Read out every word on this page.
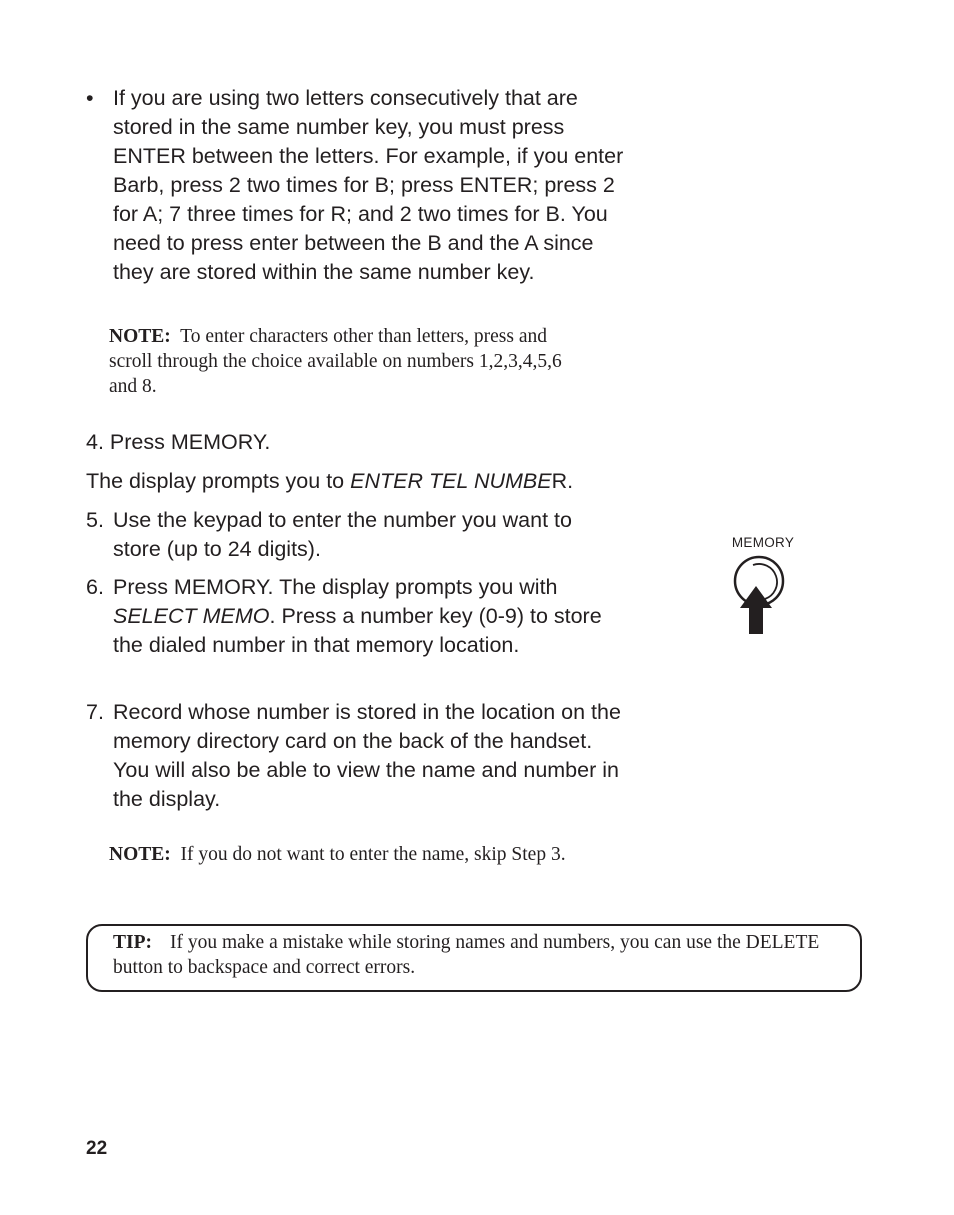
• If you are using two letters consecutively that are stored in the same number key, you must press ENTER between the letters. For example, if you enter Barb, press 2 two times for B; press ENTER; press 2 for A; 7 three times for R; and 2 two times for B. You need to press enter between the B and the A since they are stored within the same number key.
NOTE: To enter characters other than letters, press and scroll through the choice available on numbers 1,2,3,4,5,6 and 8.
4. Press MEMORY.
The display prompts you to ENTER TEL NUMBER.
5. Use the keypad to enter the number you want to store (up to 24 digits).
6. Press MEMORY. The display prompts you with SELECT MEMO. Press a number key (0-9) to store the dialed number in that memory location.
7. Record whose number is stored in the location on the memory directory card on the back of the handset. You will also be able to view the name and number in the display.
NOTE: If you do not want to enter the name, skip Step 3.
MEMORY
TIP: If you make a mistake while storing names and numbers, you can use the DELETE button to backspace and correct errors.
22
